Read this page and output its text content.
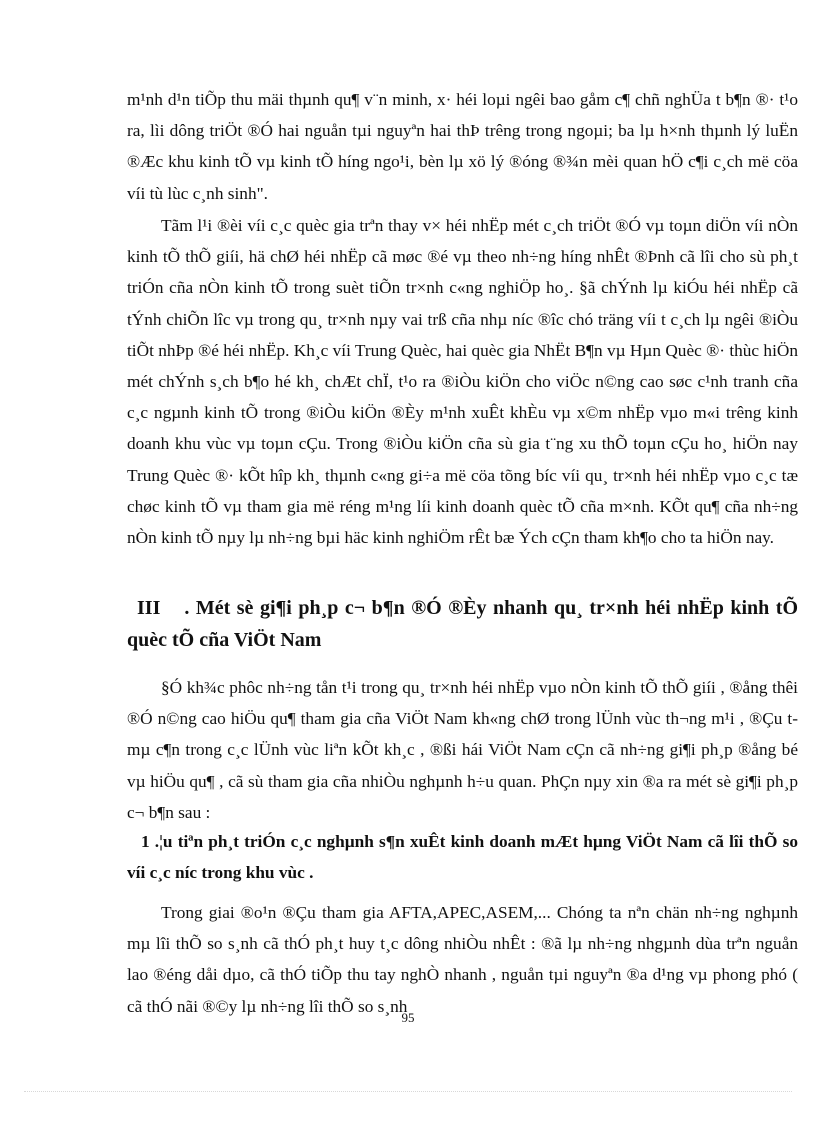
m¹nh d¹n tiÕp thu mäi thµnh qu¶ v¨n minh, x· héi loµi ngêi bao gåm c¶ chñ nghÜa t b¶n ®· t¹o ra, lìi dông triÖt ®Ó hai nguån tµi nguyªn hai thÞ trêng trong ngoµi; ba lµ h×nh thµnh lý luËn ®Æc khu kinh tÕ vµ kinh tÕ híng ngo¹i, bèn lµ xö lý ®óng ®¾n mèi quan hÖ c¶i c¸ch më cöa víi tù lùc c¸nh sinh".

Tãm l¹i ®èi víi c¸c quèc gia trªn thay v× héi nhËp mét c¸ch triÖt ®Ó vµ toµn diÖn víi nÒn kinh tÕ thÕ giíi, hä chØ héi nhËp cã møc ®é vµ theo nh÷ng híng nhÊt ®Þnh cã lîi cho sù ph¸t triÓn cña nÒn kinh tÕ trong suèt tiÕn tr×nh c«ng nghiÖp ho¸. §ã chÝnh lµ kiÓu héi nhËp cã tÝnh chiÕn lîc vµ trong qu¸ tr×nh nµy vai trß cña nhµ níc ®îc chó träng víi t c¸ch lµ ngêi ®iÒu tiÕt nhÞp ®é héi nhËp. Kh¸c víi Trung Quèc, hai quèc gia NhËt B¶n vµ Hµn Quèc ®· thùc hiÖn mét chÝnh s¸ch b¶o hé kh¸ chÆt chÏ, t¹o ra ®iÒu kiÖn cho viÖc n©ng cao søc c¹nh tranh cña c¸c ngµnh kinh tÕ trong ®iÒu kiÖn ®Èy m¹nh xuÊt khÈu vµ x©m nhËp vµo m«i trêng kinh doanh khu vùc vµ toµn cÇu. Trong ®iÒu kiÖn cña sù gia t¨ng xu thÕ toµn cÇu ho¸ hiÖn nay Trung Quèc ®· kÕt hîp kh¸ thµnh c«ng gi÷a më cöa tõng bíc víi qu¸ tr×nh héi nhËp vµo c¸c tæ chøc kinh tÕ vµ tham gia më réng m¹ng líi kinh doanh quèc tÕ cña m×nh. KÕt qu¶ cña nh÷ng nÒn kinh tÕ nµy lµ nh÷ng bµi häc kinh nghiÖm rÊt bæ Ých cÇn tham kh¶o cho ta hiÖn nay.

III . Mét sè gi¶i ph¸p c¬ b¶n ®Ó ®Èy nhanh qu¸ tr×nh héi nhËp kinh tÕ quèc tÕ cña ViÖt Nam

§Ó kh¾c phôc nh÷ng tån t¹i trong qu¸ tr×nh héi nhËp vµo nÒn kinh tÕ thÕ giíi , ®ång thêi ®Ó n©ng cao hiÖu qu¶ tham gia cña ViÖt Nam kh«ng chØ trong lÜnh vùc th¬ng m¹i , ®Çu t mµ c¶n trong c¸c lÜnh vùc liªn kÕt kh¸c , ®ßi hái ViÖt Nam cÇn cã nh÷ng gi¶i ph¸p ®ång bé vµ hiÖu qu¶ , cã sù tham gia cña nhiÒu nghµnh h÷u quan. PhÇn nµy xin ®a ra mét sè gi¶i ph¸p c¬ b¶n sau :

1 .¦u tiªn ph¸t triÓn c¸c nghµnh s¶n xuÊt kinh doanh mÆt hµng ViÖt Nam cã lîi thÕ so víi c¸c níc trong khu vùc .

Trong giai ®o¹n ®Çu tham gia AFTA,APEC,ASEM,... Chóng ta nªn chän nh÷ng nghµnh mµ lîi thÕ so s¸nh cã thÓ ph¸t huy t¸c dông nhiÒu nhÊt : ®ã lµ nh÷ng nhgµnh dùa trªn nguån lao ®éng dåi dµo, cã thÓ tiÕp thu tay nghÒ nhanh , nguån tµi nguyªn ®a d¹ng vµ phong phó ( cã thÓ nãi ®©y lµ nh÷ng lîi thÕ so s¸nh

95
